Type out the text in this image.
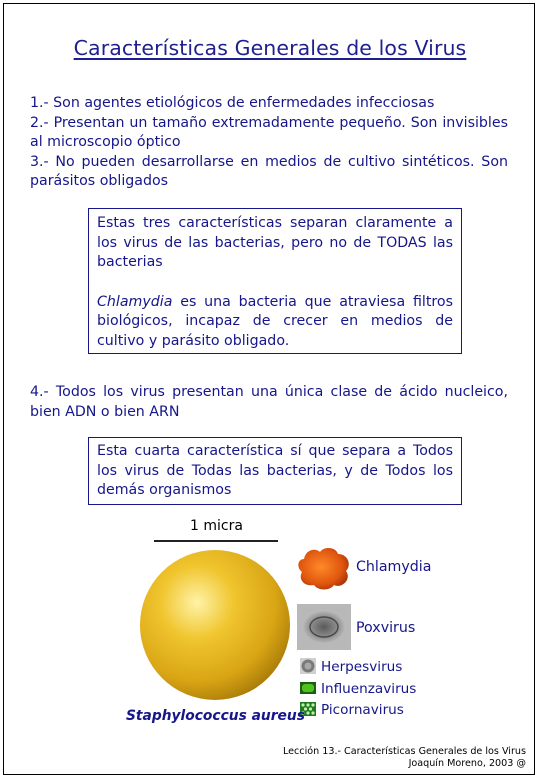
Características Generales de los Virus

1.- Son agentes etiológicos de enfermedades infecciosas

2.- Presentan un tamaño extremadamente pequeño. Son invisibles al microscopio óptico

3.- No pueden desarrollarse en medios de cultivo sintéticos. Son parásitos obligados

Estas tres características separan claramente a los virus de las bacterias, pero no de TODAS las bacterias

Chlamydia es una bacteria que atraviesa filtros biológicos, incapaz de crecer en medios de cultivo y parásito obligado.

4.- Todos los virus presentan una única clase de ácido nucleico, bien ADN o bien ARN

Esta cuarta característica sí que separa a Todos los virus de Todas las bacterias, y de Todos los demás organismos

1 micra
Chlamydia
Poxvirus
Herpesvirus
Influenzavirus
Picornavirus
Staphylococcus aureus
Lección 13.- Características Generales de los Virus
Joaquín Moreno, 2003 @
